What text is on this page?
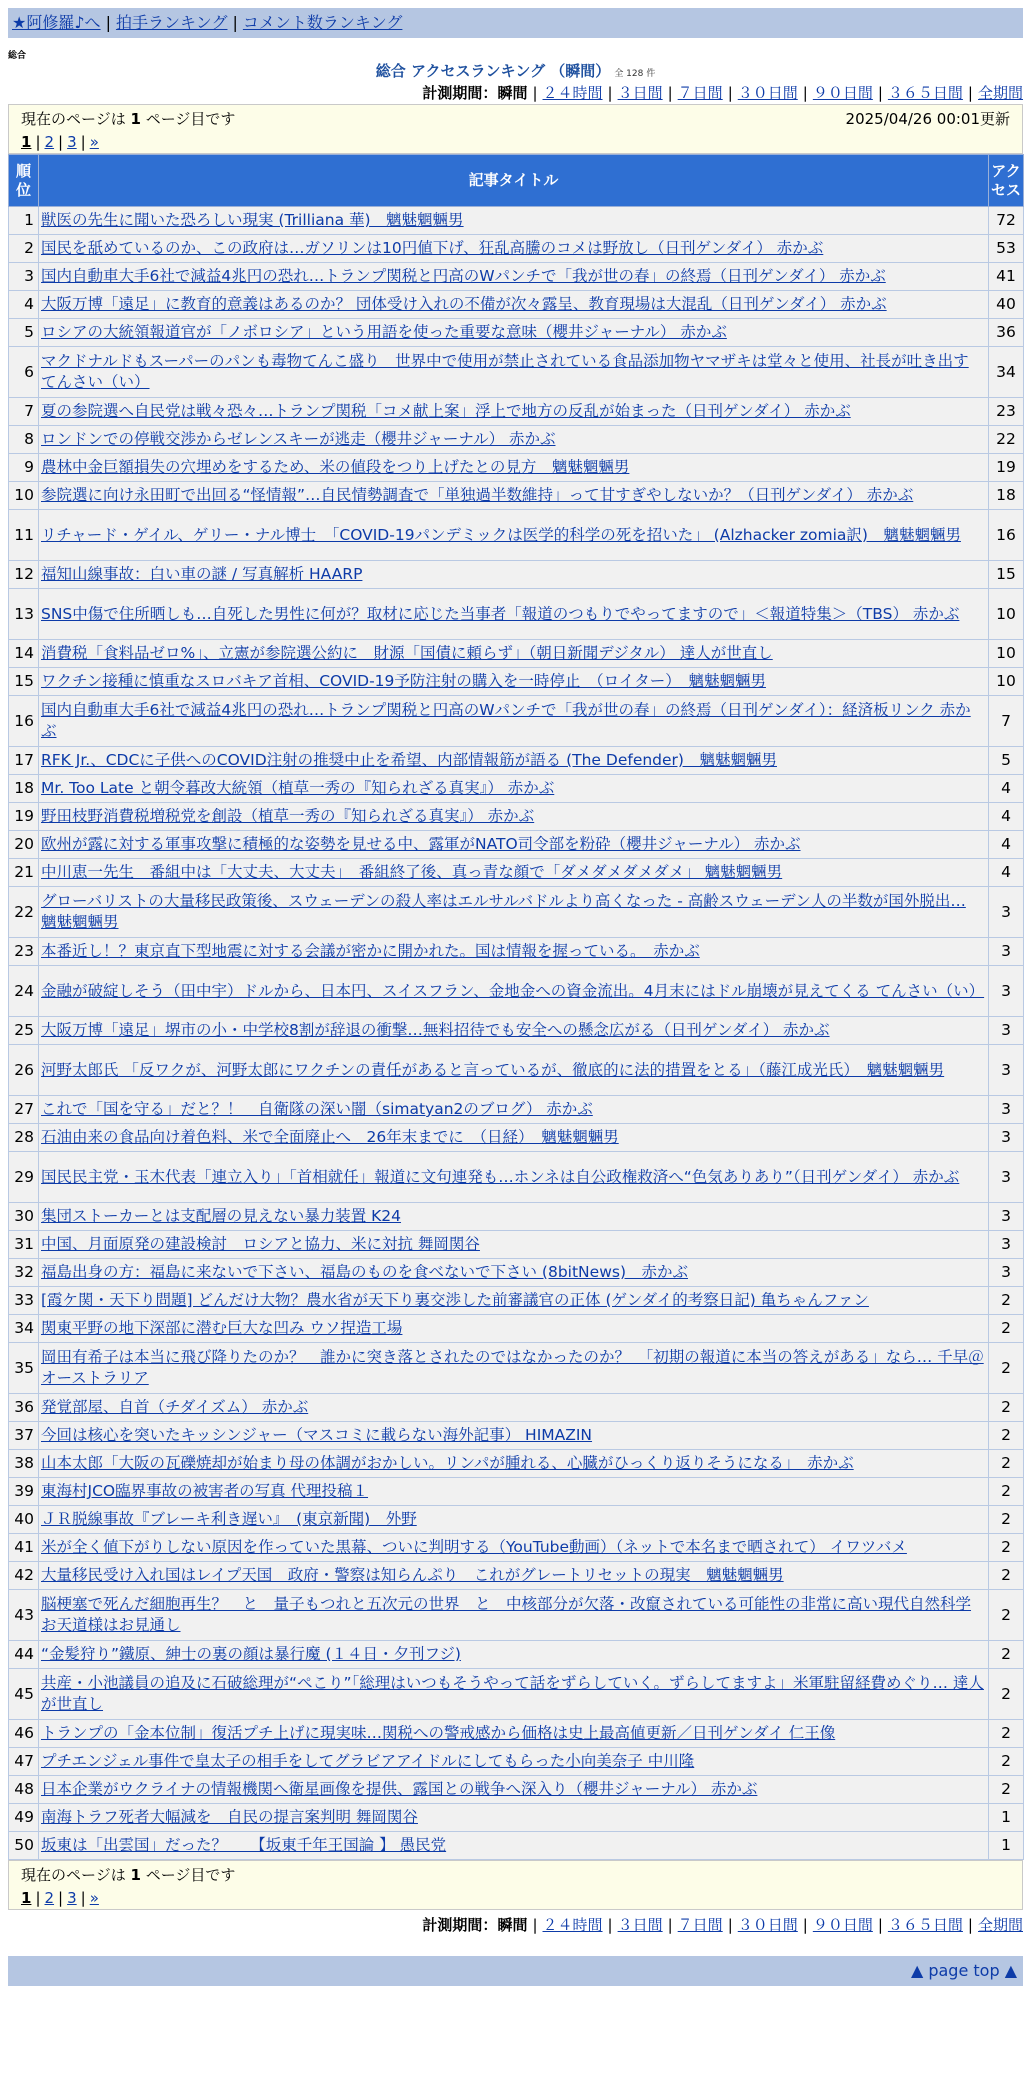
★阿修羅♪へ | 拍手ランキング | コメント数ランキング
総合
総合 アクセスランキング （瞬間） 全 128 件
計測期間：瞬間 | ２４時間 | ３日間 | ７日間 | ３０日間 | ９０日間 | ３６５日間 | 全期間
現在のページは 1 ページ目です	2025/04/26 00:01更新
1 | 2 | 3 | »
順位	記事タイトル	アクセス
1	獣医の先生に聞いた恐ろしい現実 (Trilliana 華)　魑魅魍魎男	72
2	国民を舐めているのか、この政府は…ガソリンは10円値下げ、狂乱高騰のコメは野放し（日刊ゲンダイ） 赤かぶ	53
3	国内自動車大手6社で減益4兆円の恐れ…トランプ関税と円高のWパンチで「我が世の春」の終焉（日刊ゲンダイ） 赤かぶ	41
4	大阪万博「遠足」に教育的意義はあるのか？ 団体受け入れの不備が次々露呈、教育現場は大混乱（日刊ゲンダイ） 赤かぶ	40
5	ロシアの大統領報道官が「ノボロシア」という用語を使った重要な意味（櫻井ジャーナル） 赤かぶ	36
6	マクドナルドもスーパーのパンも毒物てんこ盛り　世界中で使用が禁止されている食品添加物ヤマザキは堂々と使用、社長が吐き出す てんさい（い）	34
7	夏の参院選へ自民党は戦々恐々…トランプ関税「コメ献上案」浮上で地方の反乱が始まった（日刊ゲンダイ） 赤かぶ	23
8	ロンドンでの停戦交渉からゼレンスキーが逃走（櫻井ジャーナル） 赤かぶ	22
9	農林中金巨額損失の穴埋めをするため、米の値段をつり上げたとの見方　魑魅魍魎男	19
10	参院選に向け永田町で出回る“怪情報”…自民情勢調査で「単独過半数維持」って甘すぎやしないか？（日刊ゲンダイ） 赤かぶ	18
11	リチャード・ゲイル、ゲリー・ナル博士　「COVID-19パンデミックは医学的科学の死を招いた」 (Alzhacker zomia訳)　魑魅魍魎男	16
12	福知山線事故：白い車の謎 / 写真解析 HAARP	15
13	SNS中傷で住所晒しも…自死した男性に何が？取材に応じた当事者「報道のつもりでやってますので」＜報道特集＞（TBS） 赤かぶ	10
14	消費税「食料品ゼロ%」、立憲が参院選公約に　財源「国債に頼らず」（朝日新聞デジタル） 達人が世直し	10
15	ワクチン接種に慎重なスロバキア首相、COVID-19予防注射の購入を一時停止　（ロイター）　魑魅魍魎男	10
16	国内自動車大手6社で減益4兆円の恐れ…トランプ関税と円高のWパンチで「我が世の春」の終焉（日刊ゲンダイ）：経済板リンク 赤かぶ	7
17	RFK Jr.、CDCに子供へのCOVID注射の推奨中止を希望、内部情報筋が語る (The Defender)　魑魅魍魎男	5
18	Mr. Too Late と朝令暮改大統領（植草一秀の『知られざる真実』） 赤かぶ	4
19	野田枝野消費税増税党を創設（植草一秀の『知られざる真実』） 赤かぶ	4
20	欧州が露に対する軍事攻撃に積極的な姿勢を見せる中、露軍がNATO司令部を粉砕（櫻井ジャーナル） 赤かぶ	4
21	中川恵一先生　番組中は「大丈夫、大丈夫」　番組終了後、真っ青な顔で「ダメダメダメダメ」 魑魅魍魎男	4
22	グローバリストの大量移民政策後、スウェーデンの殺人率はエルサルバドルより高くなった - 高齢スウェーデン人の半数が国外脱出… 魑魅魍魎男	3
23	本番近し！？東京直下型地震に対する会議が密かに開かれた。国は情報を握っている。　赤かぶ	3
24	金融が破綻しそう（田中宇）ドルから、日本円、スイスフラン、金地金への資金流出。4月末にはドル崩壊が見えてくる てんさい（い）	3
25	大阪万博「遠足」堺市の小・中学校8割が辞退の衝撃…無料招待でも安全への懸念広がる（日刊ゲンダイ） 赤かぶ	3
26	河野太郎氏 「反ワクが、河野太郎にワクチンの責任があると言っているが、徹底的に法的措置をとる」（藤江成光氏）　魑魅魍魎男	3
27	これで「国を守る」だと？！　自衛隊の深い闇（simatyan2のブログ） 赤かぶ	3
28	石油由来の食品向け着色料、米で全面廃止へ　26年末までに　（日経）　魑魅魍魎男	3
29	国民民主党・玉木代表「連立入り」「首相就任」報道に文句連発も…ホンネは自公政権救済へ“色気ありあり”（日刊ゲンダイ） 赤かぶ	3
30	集団ストーカーとは支配層の見えない暴力装置 K24	3
31	中国、月面原発の建設検討　ロシアと協力、米に対抗 舞岡関谷	3
32	福島出身の方：福島に来ないで下さい、福島のものを食べないで下さい (8bitNews)　赤かぶ	3
33	[霞ケ関・天下り問題] どんだけ大物？農水省が天下り裏交渉した前審議官の正体 (ゲンダイ的考察日記) 亀ちゃんファン	2
34	関東平野の地下深部に潜む巨大な凹み ウソ捏造工場	2
35	岡田有希子は本当に飛び降りたのか？　誰かに突き落とされたのではなかったのか？　「初期の報道に本当の答えがある」なら… 千早＠オーストラリア	2
36	発覚部屋、自首（チダイズム） 赤かぶ	2
37	今回は核心を突いたキッシンジャー（マスコミに載らない海外記事） HIMAZIN	2
38	山本太郎「大阪の瓦礫焼却が始まり母の体調がおかしい。リンパが腫れる、心臓がひっくり返りそうになる」　赤かぶ	2
39	東海村JCO臨界事故の被害者の写真 代理投稿１	2
40	ＪＲ脱線事故『ブレーキ利き遅い』　(東京新聞)　外野	2
41	米が全く値下がりしない原因を作っていた黒幕、ついに判明する（YouTube動画）（ネットで本名まで晒されて） イワツバメ	2
42	大量移民受け入れ国はレイプ天国　政府・警察は知らんぷり　これがグレートリセットの現実　魑魅魍魎男	2
43	脳梗塞で死んだ細胞再生？　と　量子もつれと五次元の世界　と　中核部分が欠落・改竄されている可能性の非常に高い現代自然科学 お天道様はお見通し	2
44	“金髪狩り”鐵原、紳士の裏の顔は暴行魔 (１４日・夕刊フジ)	2
45	共産・小池議員の追及に石破総理が“ぺこり”「総理はいつもそうやって話をずらしていく。ずらしてますよ」米軍駐留経費めぐり… 達人が世直し	2
46	トランプの「金本位制」復活プチ上げに現実味…関税への警戒感から価格は史上最高値更新／日刊ゲンダイ 仁王像	2
47	プチエンジェル事件で皇太子の相手をしてグラビアアイドルにしてもらった小向美奈子 中川隆	2
48	日本企業がウクライナの情報機関へ衛星画像を提供、露国との戦争へ深入り（櫻井ジャーナル） 赤かぶ	2
49	南海トラフ死者大幅減を　自民の提言案判明 舞岡関谷	1
50	坂東は「出雲国」だった？　　【坂東千年王国論 】 愚民党	1
現在のページは 1 ページ目です
1 | 2 | 3 | »
計測期間：瞬間 | ２４時間 | ３日間 | ７日間 | ３０日間 | ９０日間 | ３６５日間 | 全期間
▲ page top ▲
